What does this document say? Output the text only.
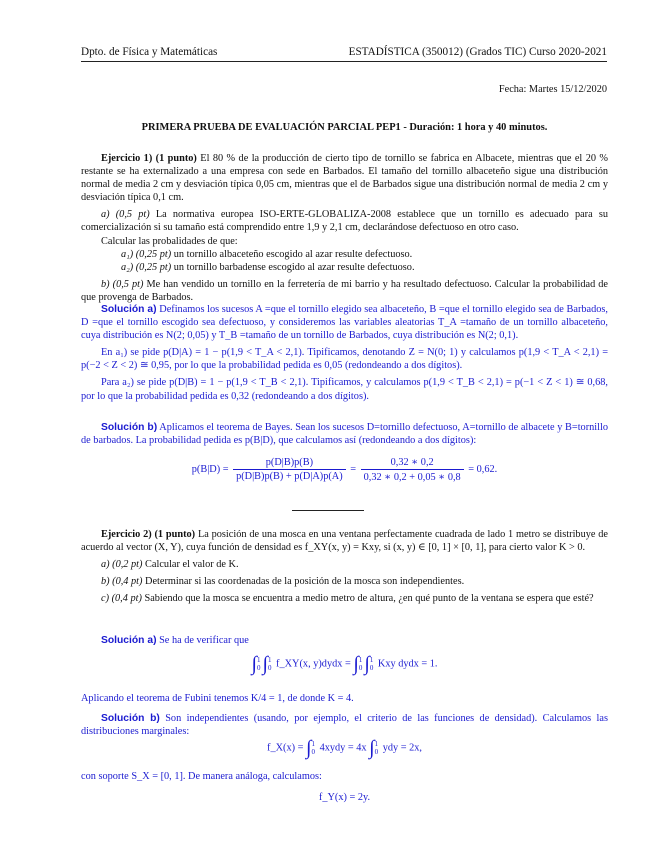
Dpto. de Física y Matemáticas	ESTADÍSTICA (350012) (Grados TIC) Curso 2020-2021
Fecha: Martes 15/12/2020
PRIMERA PRUEBA DE EVALUACIÓN PARCIAL PEP1 - Duración: 1 hora y 40 minutos.
Ejercicio 1) (1 punto) El 80 % de la producción de cierto tipo de tornillo se fabrica en Albacete, mientras que el 20 % restante se ha externalizado a una empresa con sede en Barbados. El tamaño del tornillo albaceteño sigue una distribución normal de media 2 cm y desviación típica 0,05 cm, mientras que el de Barbados sigue una distribución normal de media 2 cm y desviación típica 0,1 cm.
a) (0,5 pt) La normativa europea ISO-ERTE-GLOBALIZA-2008 establece que un tornillo es adecuado para su comercialización si su tamaño está comprendido entre 1,9 y 2,1 cm, declarándose defectuoso en otro caso.
Calcular las probalidades de que:
a₁) (0,25 pt) un tornillo albaceteño escogido al azar resulte defectuoso.
a₂) (0,25 pt) un tornillo barbadense escogido al azar resulte defectuoso.
b) (0,5 pt) Me han vendido un tornillo en la ferretería de mi barrio y ha resultado defectuoso. Calcular la probabilidad de que provenga de Barbados.
Solución a) Definamos los sucesos A =que el tornillo elegido sea albaceteño, B =que el tornillo elegido sea de Barbados, D =que el tornillo escogido sea defectuoso, y consideremos las variables aleatorias T_A =tamaño de un tornillo albaceteño, cuya distribución es N(2; 0,05) y T_B =tamaño de un tornillo de Barbados, cuya distribución es N(2; 0,1).
En a₁) se pide p(D|A) = 1 − p(1,9 < T_A < 2,1). Tipificamos, denotando Z = N(0; 1) y calculamos p(1,9 < T_A < 2,1) = p(−2 < Z < 2) ≅ 0,95, por lo que la probabilidad pedida es 0,05 (redondeando a dos dígitos).
Para a₂) se pide p(D|B) = 1 − p(1,9 < T_B < 2,1). Tipificamos, y calculamos p(1,9 < T_B < 2,1) = p(−1 < Z < 1) ≅ 0,68, por lo que la probabilidad pedida es 0,32 (redondeando a dos dígitos).
Solución b) Aplicamos el teorema de Bayes. Sean los sucesos D=tornillo defectuoso, A=tornillo de albacete y B=tornillo de barbados. La probabilidad pedida es p(B|D), que calculamos así (redondeando a dos dígitos):
$p(B|D) = \frac{p(D|B)p(B)}{p(D|B)p(B) + p(D|A)p(A)} = \frac{0,32 ∗ 0,2}{0,32 ∗ 0,2 + 0,05 ∗ 0,8} = 0,62$.
Ejercicio 2) (1 punto) La posición de una mosca en una ventana perfectamente cuadrada de lado 1 metro se distribuye de acuerdo al vector (X, Y), cuya función de densidad es f_XY(x, y) = Kxy, si (x, y) ∈ [0, 1] × [0, 1], para cierto valor K > 0.
a) (0,2 pt) Calcular el valor de K.
b) (0,4 pt) Determinar si las coordenadas de la posición de la mosca son independientes.
c) (0,4 pt) Sabiendo que la mosca se encuentra a medio metro de altura, ¿en qué punto de la ventana se espera que esté?
Solución a) Se ha de verificar que
∫1
0 ∫1
0 f_XY(x, y)dydx = ∫1
0 ∫1
0 Kxy dydx = 1.
Aplicando el teorema de Fubini tenemos K/4 = 1, de donde K = 4.
Solución b) Son independientes (usando, por ejemplo, el criterio de las funciones de densidad). Calculamos las distribuciones marginales:
f_X(x) = ∫1
0 4xydy = 4x ∫1
0 ydy = 2x,
con soporte S_X = [0, 1]. De manera análoga, calculamos:
f_Y(x) = 2y.
